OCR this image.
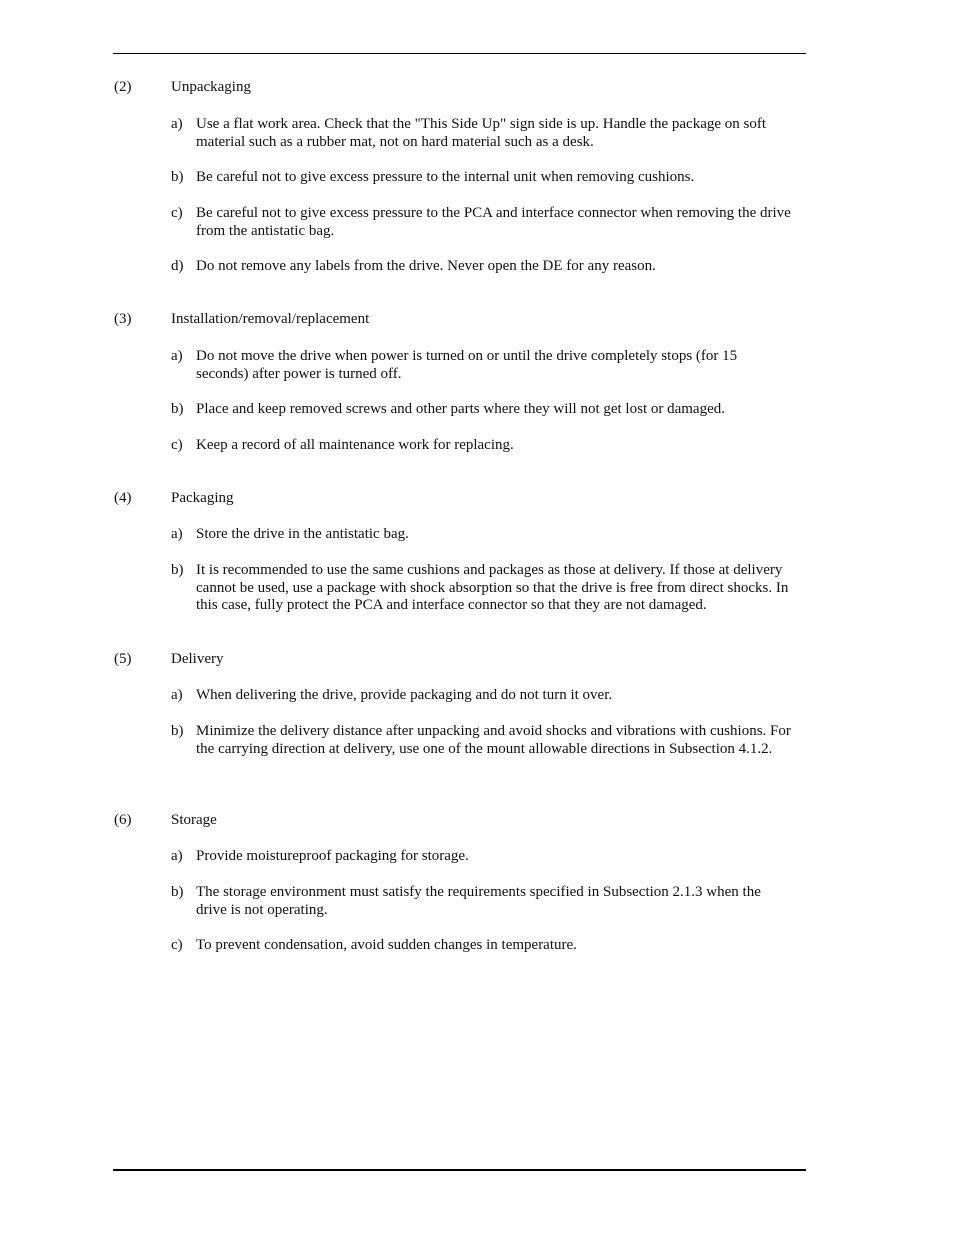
(2)	Unpackaging
a) Use a flat work area. Check that the "This Side Up" sign side is up. Handle the package on soft material such as a rubber mat, not on hard material such as a desk.
b) Be careful not to give excess pressure to the internal unit when removing cushions.
c) Be careful not to give excess pressure to the PCA and interface connector when removing the drive from the antistatic bag.
d) Do not remove any labels from the drive. Never open the DE for any reason.
(3)	Installation/removal/replacement
a) Do not move the drive when power is turned on or until the drive completely stops (for 15 seconds) after power is turned off.
b) Place and keep removed screws and other parts where they will not get lost or damaged.
c) Keep a record of all maintenance work for replacing.
(4)	Packaging
a) Store the drive in the antistatic bag.
b) It is recommended to use the same cushions and packages as those at delivery. If those at delivery cannot be used, use a package with shock absorption so that the drive is free from direct shocks. In this case, fully protect the PCA and interface connector so that they are not damaged.
(5)	Delivery
a) When delivering the drive, provide packaging and do not turn it over.
b) Minimize the delivery distance after unpacking and avoid shocks and vibrations with cushions. For the carrying direction at delivery, use one of the mount allowable directions in Subsection 4.1.2.
(6)	Storage
a) Provide moistureproof packaging for storage.
b) The storage environment must satisfy the requirements specified in Subsection 2.1.3 when the drive is not operating.
c) To prevent condensation, avoid sudden changes in temperature.
